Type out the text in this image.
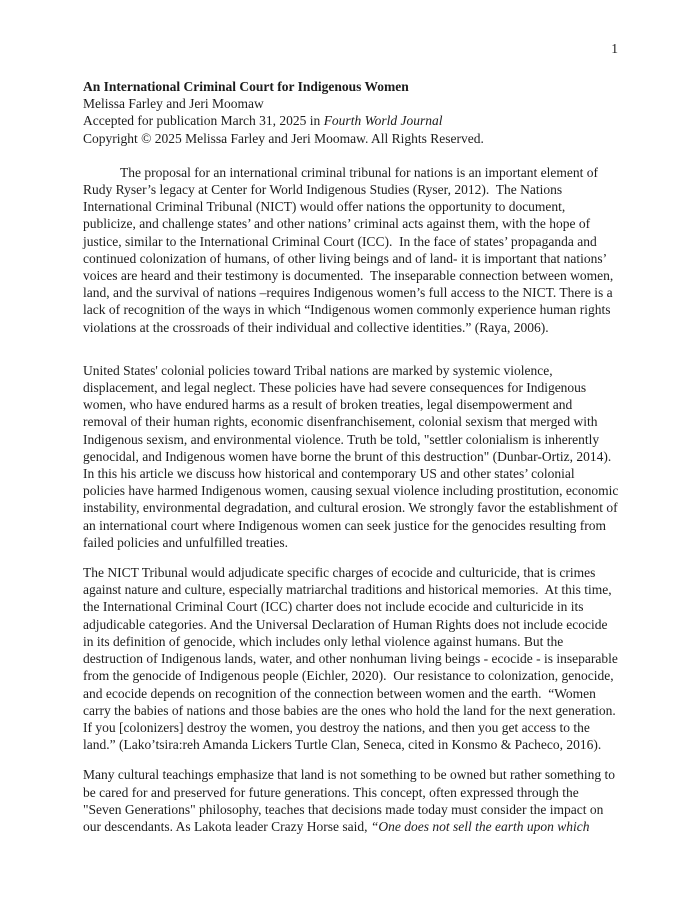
1

An International Criminal Court for Indigenous Women

Melissa Farley and Jeri Moomaw

Accepted for publication March 31, 2025 in Fourth World Journal

Copyright © 2025 Melissa Farley and Jeri Moomaw. All Rights Reserved.

The proposal for an international criminal tribunal for nations is an important element of Rudy Ryser’s legacy at Center for World Indigenous Studies (Ryser, 2012).  The Nations International Criminal Tribunal (NICT) would offer nations the opportunity to document, publicize, and challenge states’ and other nations’ criminal acts against them, with the hope of justice, similar to the International Criminal Court (ICC).  In the face of states’ propaganda and continued colonization of humans, of other living beings and of land- it is important that nations’ voices are heard and their testimony is documented.  The inseparable connection between women, land, and the survival of nations –requires Indigenous women’s full access to the NICT. There is a lack of recognition of the ways in which “Indigenous women commonly experience human rights violations at the crossroads of their individual and collective identities.” (Raya, 2006).

United States' colonial policies toward Tribal nations are marked by systemic violence, displacement, and legal neglect. These policies have had severe consequences for Indigenous women, who have endured harms as a result of broken treaties, legal disempowerment and removal of their human rights, economic disenfranchisement, colonial sexism that merged with Indigenous sexism, and environmental violence. Truth be told, "settler colonialism is inherently genocidal, and Indigenous women have borne the brunt of this destruction" (Dunbar-Ortiz, 2014). In this his article we discuss how historical and contemporary US and other states’ colonial policies have harmed Indigenous women, causing sexual violence including prostitution, economic instability, environmental degradation, and cultural erosion. We strongly favor the establishment of an international court where Indigenous women can seek justice for the genocides resulting from failed policies and unfulfilled treaties.

The NICT Tribunal would adjudicate specific charges of ecocide and culturicide, that is crimes against nature and culture, especially matriarchal traditions and historical memories.  At this time, the International Criminal Court (ICC) charter does not include ecocide and culturicide in its adjudicable categories. And the Universal Declaration of Human Rights does not include ecocide in its definition of genocide, which includes only lethal violence against humans. But the destruction of Indigenous lands, water, and other nonhuman living beings - ecocide - is inseparable from the genocide of Indigenous people (Eichler, 2020).  Our resistance to colonization, genocide, and ecocide depends on recognition of the connection between women and the earth.  “Women carry the babies of nations and those babies are the ones who hold the land for the next generation.  If you [colonizers] destroy the women, you destroy the nations, and then you get access to the land.” (Lako’tsira:reh Amanda Lickers Turtle Clan, Seneca, cited in Konsmo & Pacheco, 2016).

Many cultural teachings emphasize that land is not something to be owned but rather something to be cared for and preserved for future generations. This concept, often expressed through the "Seven Generations" philosophy, teaches that decisions made today must consider the impact on our descendants. As Lakota leader Crazy Horse said, “One does not sell the earth upon which
